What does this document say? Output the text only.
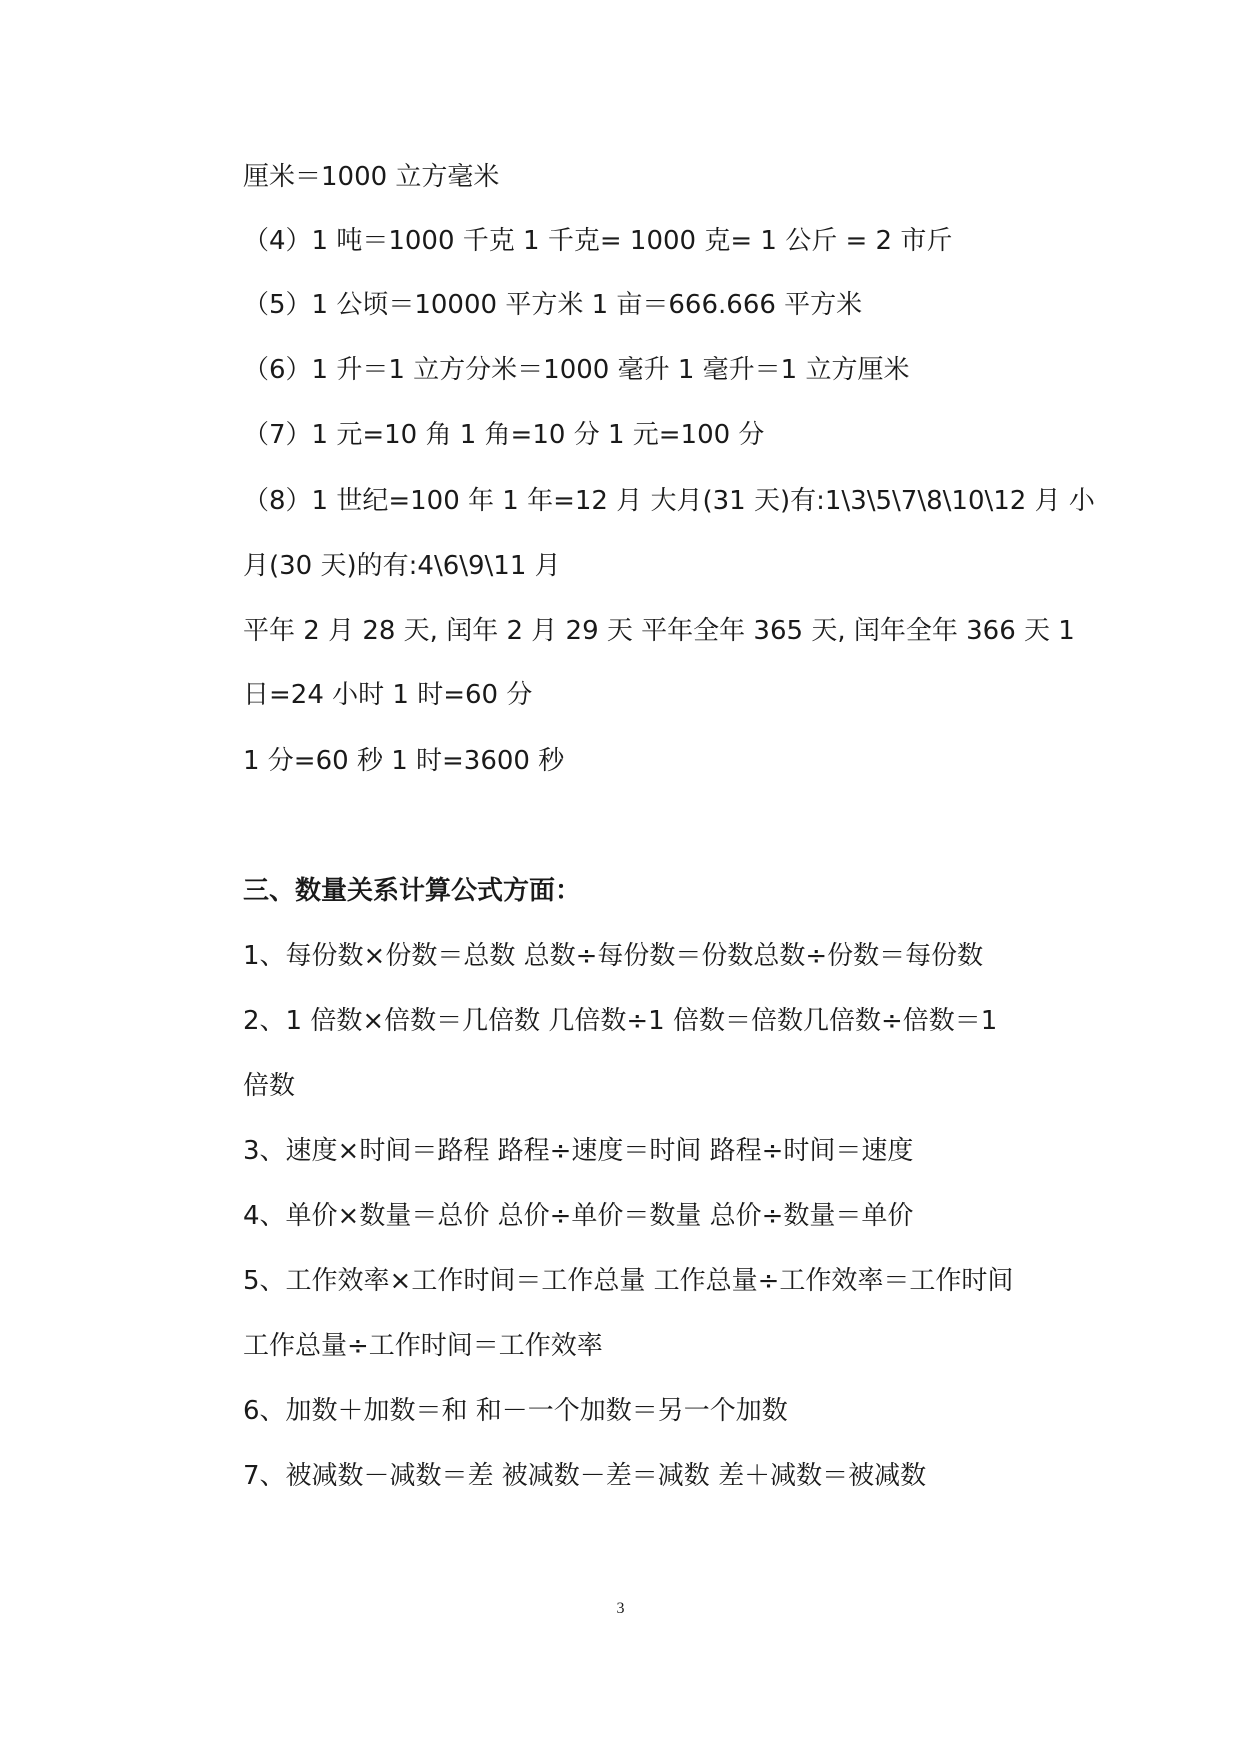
厘米＝1000 立方毫米
（4）1 吨＝1000 千克 1 千克= 1000 克= 1 公斤 = 2 市斤
（5）1 公顷＝10000 平方米 1 亩＝666.666 平方米
（6）1 升＝1 立方分米＝1000 毫升 1 毫升＝1 立方厘米
（7）1 元=10 角 1 角=10 分 1 元=100 分
（8）1 世纪=100 年 1 年=12 月 大月(31 天)有:1\3\5\7\8\10\12 月 小
月(30 天)的有:4\6\9\11 月
平年 2 月 28 天, 闰年 2 月 29 天 平年全年 365 天, 闰年全年 366 天 1
日=24 小时 1 时=60 分
1 分=60 秒 1 时=3600 秒
三、数量关系计算公式方面：
1、每份数×份数＝总数 总数÷每份数＝份数总数÷份数＝每份数
2、1 倍数×倍数＝几倍数 几倍数÷1 倍数＝倍数几倍数÷倍数＝1
倍数
3、速度×时间＝路程 路程÷速度＝时间 路程÷时间＝速度
4、单价×数量＝总价 总价÷单价＝数量 总价÷数量＝单价
5、工作效率×工作时间＝工作总量 工作总量÷工作效率＝工作时间
工作总量÷工作时间＝工作效率
6、加数＋加数＝和 和－一个加数＝另一个加数
7、被减数－减数＝差 被减数－差＝减数 差＋减数＝被减数
3
